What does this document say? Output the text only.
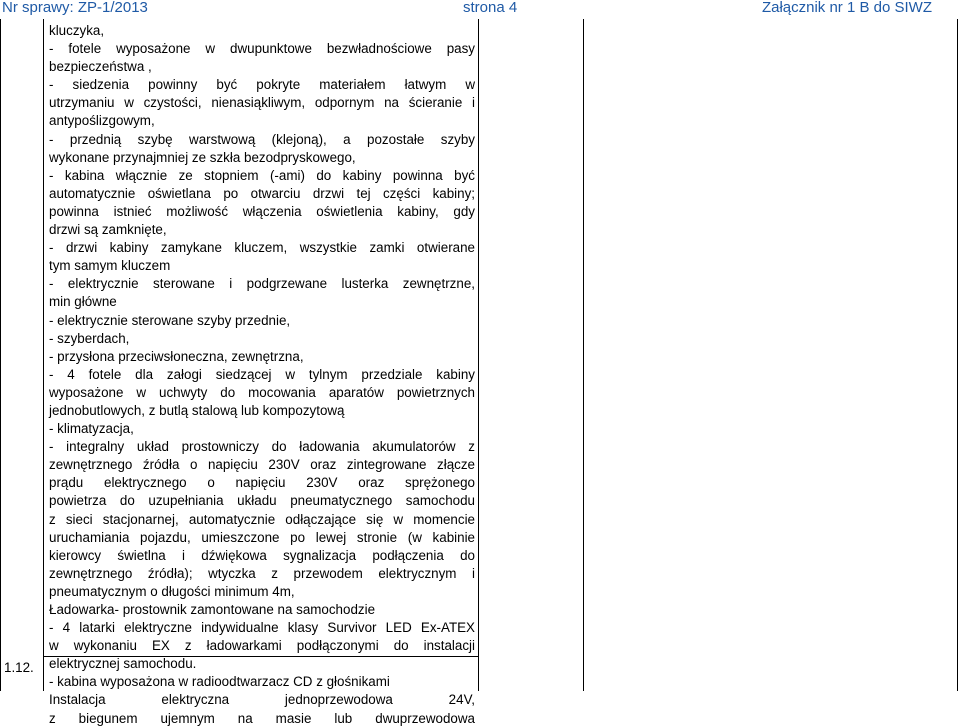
Nr sprawy: ZP-1/2013	strona 4	Załącznik nr 1 B do SIWZ
kluczyka,
- fotele wyposażone w dwupunktowe bezwładnościowe pasy
bezpieczeństwa ,
- siedzenia powinny być pokryte materiałem łatwym w
utrzymaniu w czystości, nienasiąkliwym, odpornym na ścieranie i
antypoślizgowym,
- przednią szybę warstwową (klejoną), a pozostałe szyby
wykonane przynajmniej ze szkła bezodpryskowego,
- kabina włącznie ze stopniem (-ami) do kabiny powinna być
automatycznie oświetlana po otwarciu drzwi tej części kabiny;
powinna istnieć możliwość włączenia oświetlenia kabiny, gdy
drzwi są zamknięte,
- drzwi kabiny zamykane kluczem, wszystkie zamki otwierane
tym samym kluczem
- elektrycznie sterowane i podgrzewane lusterka zewnętrzne,
min główne
- elektrycznie sterowane szyby przednie,
- szyberdach,
- przysłona przeciwsłoneczna, zewnętrzna,
- 4 fotele dla załogi siedzącej w tylnym przedziale kabiny
wyposażone w uchwyty do mocowania aparatów powietrznych
jednobutlowych, z butlą stalową lub kompozytową
- klimatyzacja,
- integralny układ prostowniczy do ładowania akumulatorów z
zewnętrznego źródła o napięciu 230V oraz zintegrowane złącze
prądu elektrycznego o napięciu 230V oraz sprężonego
powietrza do uzupełniania układu pneumatycznego samochodu
z sieci stacjonarnej, automatycznie odłączające się w momencie
uruchamiania pojazdu, umieszczone po lewej stronie (w kabinie
kierowcy świetlna i dźwiękowa sygnalizacja podłączenia do
zewnętrznego źródła); wtyczka z przewodem elektrycznym i
pneumatycznym o długości minimum 4m,
Ładowarka- prostownik zamontowane na samochodzie
- 4 latarki elektryczne indywidualne klasy Survivor LED Ex-ATEX
w wykonaniu EX z ładowarkami podłączonymi do instalacji
elektrycznej samochodu.
- kabina wyposażona w radioodtwarzacz CD z głośnikami
Instalacja elektryczna jednoprzewodowa 24V,
z biegunem ujemnym na masie lub dwuprzewodowa
1.12.
